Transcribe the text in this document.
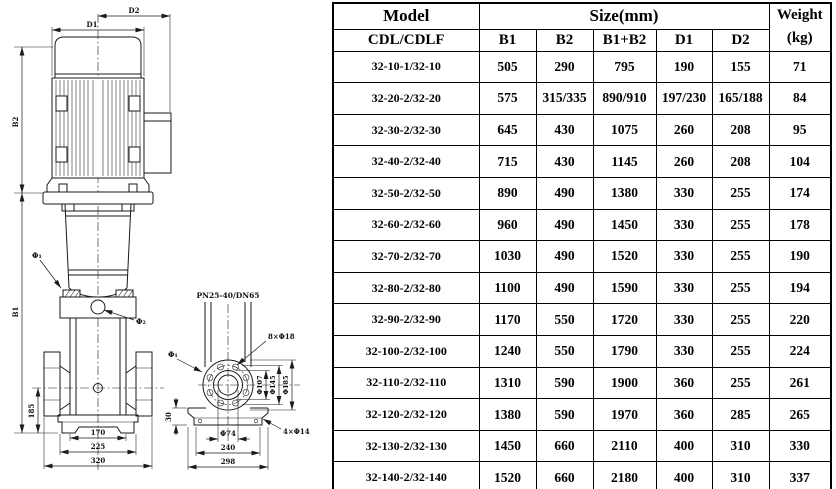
D2
D1
B2
B1
185
170
225
320
Φ₁
Φ₂
PN25-40/DN65
8×Φ18
Φ₁
30
Φ74
240
298
4×Φ14
Φ107 Φ145 Φ185
Model	Size(mm)					Weight
(kg)
CDL/CDLF	B1	B2	B1+B2	D1	D2	
32-10-1/32-10	505	290	795	190	155	71
32-20-2/32-20	575	315/335	890/910	197/230	165/188	84
32-30-2/32-30	645	430	1075	260	208	95
32-40-2/32-40	715	430	1145	260	208	104
32-50-2/32-50	890	490	1380	330	255	174
32-60-2/32-60	960	490	1450	330	255	178
32-70-2/32-70	1030	490	1520	330	255	190
32-80-2/32-80	1100	490	1590	330	255	194
32-90-2/32-90	1170	550	1720	330	255	220
32-100-2/32-100	1240	550	1790	330	255	224
32-110-2/32-110	1310	590	1900	360	255	261
32-120-2/32-120	1380	590	1970	360	285	265
32-130-2/32-130	1450	660	2110	400	310	330
32-140-2/32-140	1520	660	2180	400	310	337
